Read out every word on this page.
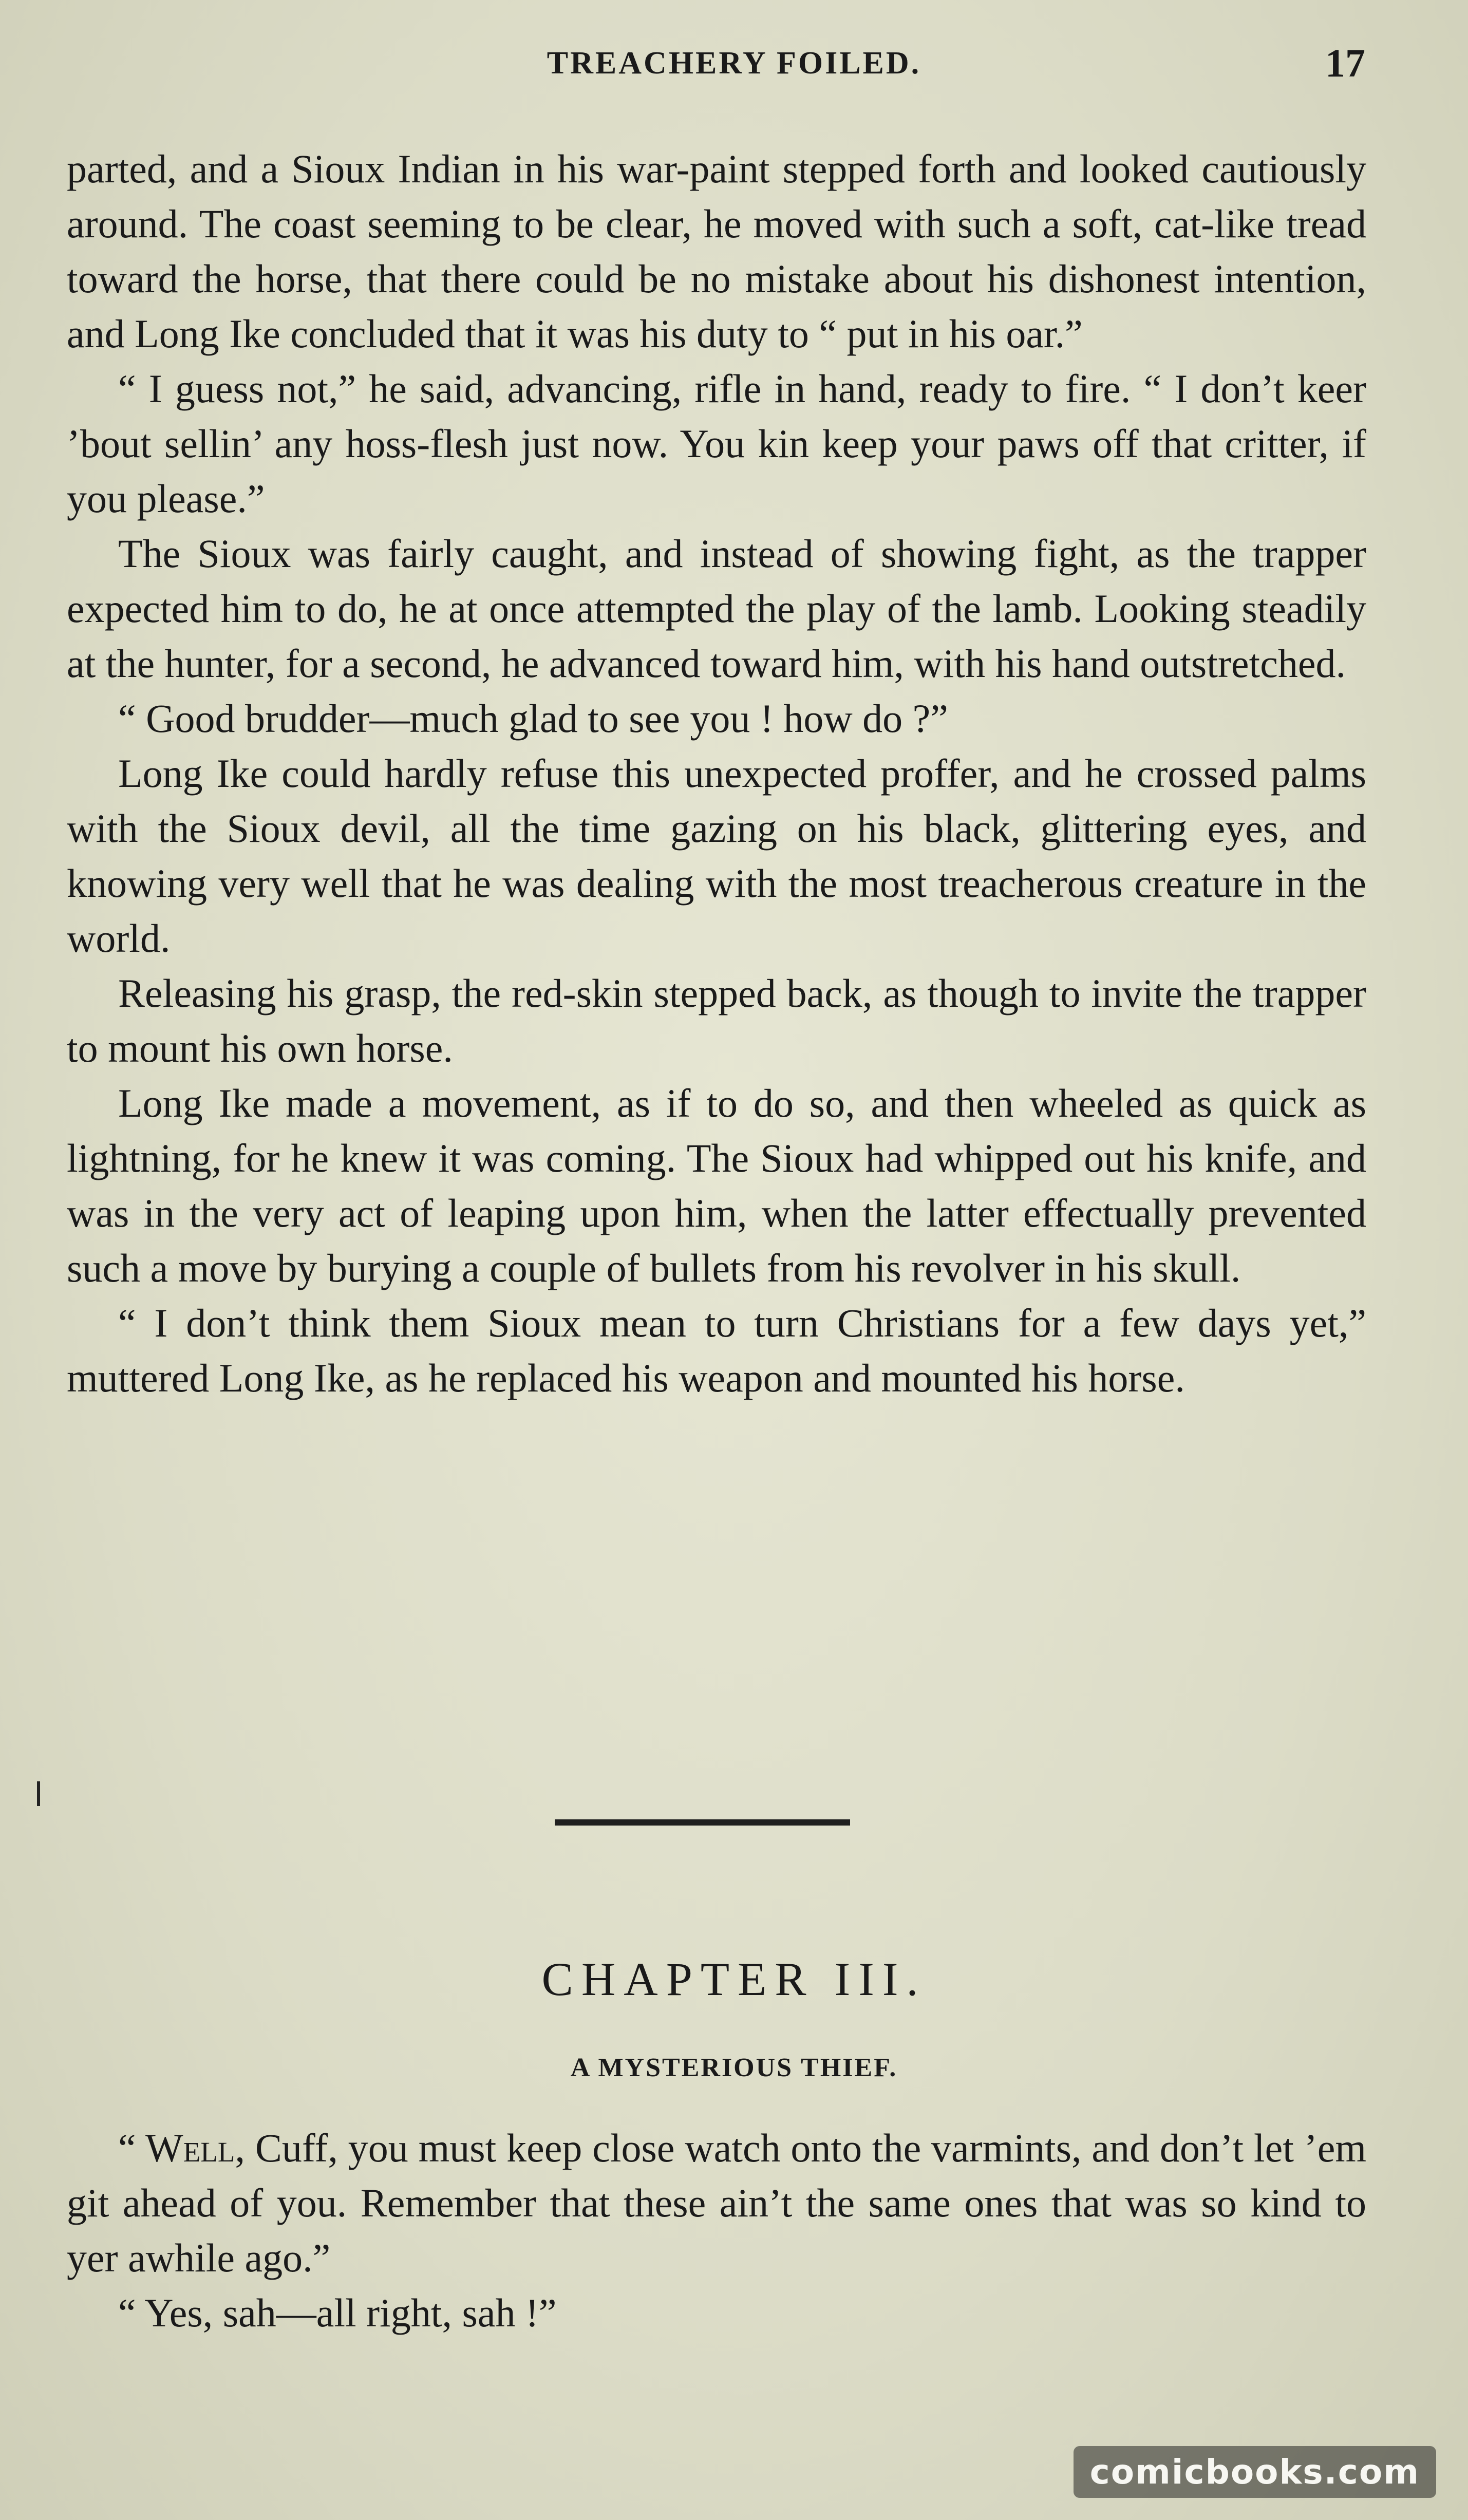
TREACHERY FOILED.	17

parted, and a Sioux Indian in his war-paint stepped forth and looked cautiously around. The coast seeming to be clear, he moved with such a soft, cat-like tread toward the horse, that there could be no mistake about his dishonest intention, and Long Ike concluded that it was his duty to “ put in his oar.”

“ I guess not,” he said, advancing, rifle in hand, ready to fire. “ I don’t keer ’bout sellin’ any hoss-flesh just now. You kin keep your paws off that critter, if you please.”

The Sioux was fairly caught, and instead of showing fight, as the trapper expected him to do, he at once attempted the play of the lamb. Looking steadily at the hunter, for a second, he advanced toward him, with his hand outstretched.

“ Good brudder—much glad to see you ! how do ?”

Long Ike could hardly refuse this unexpected proffer, and he crossed palms with the Sioux devil, all the time gazing on his black, glittering eyes, and knowing very well that he was dealing with the most treacherous creature in the world.

Releasing his grasp, the red-skin stepped back, as though to invite the trapper to mount his own horse.

Long Ike made a movement, as if to do so, and then wheeled as quick as lightning, for he knew it was coming. The Sioux had whipped out his knife, and was in the very act of leaping upon him, when the latter effectually prevented such a move by burying a couple of bullets from his revolver in his skull.

“ I don’t think them Sioux mean to turn Christians for a few days yet,” muttered Long Ike, as he replaced his weapon and mounted his horse.

CHAPTER III.
A MYSTERIOUS THIEF.

“ Well, Cuff, you must keep close watch onto the varmints, and don’t let ’em git ahead of you. Remember that these ain’t the same ones that was so kind to yer awhile ago.”

“ Yes, sah—all right, sah !”

comicbooks.com
